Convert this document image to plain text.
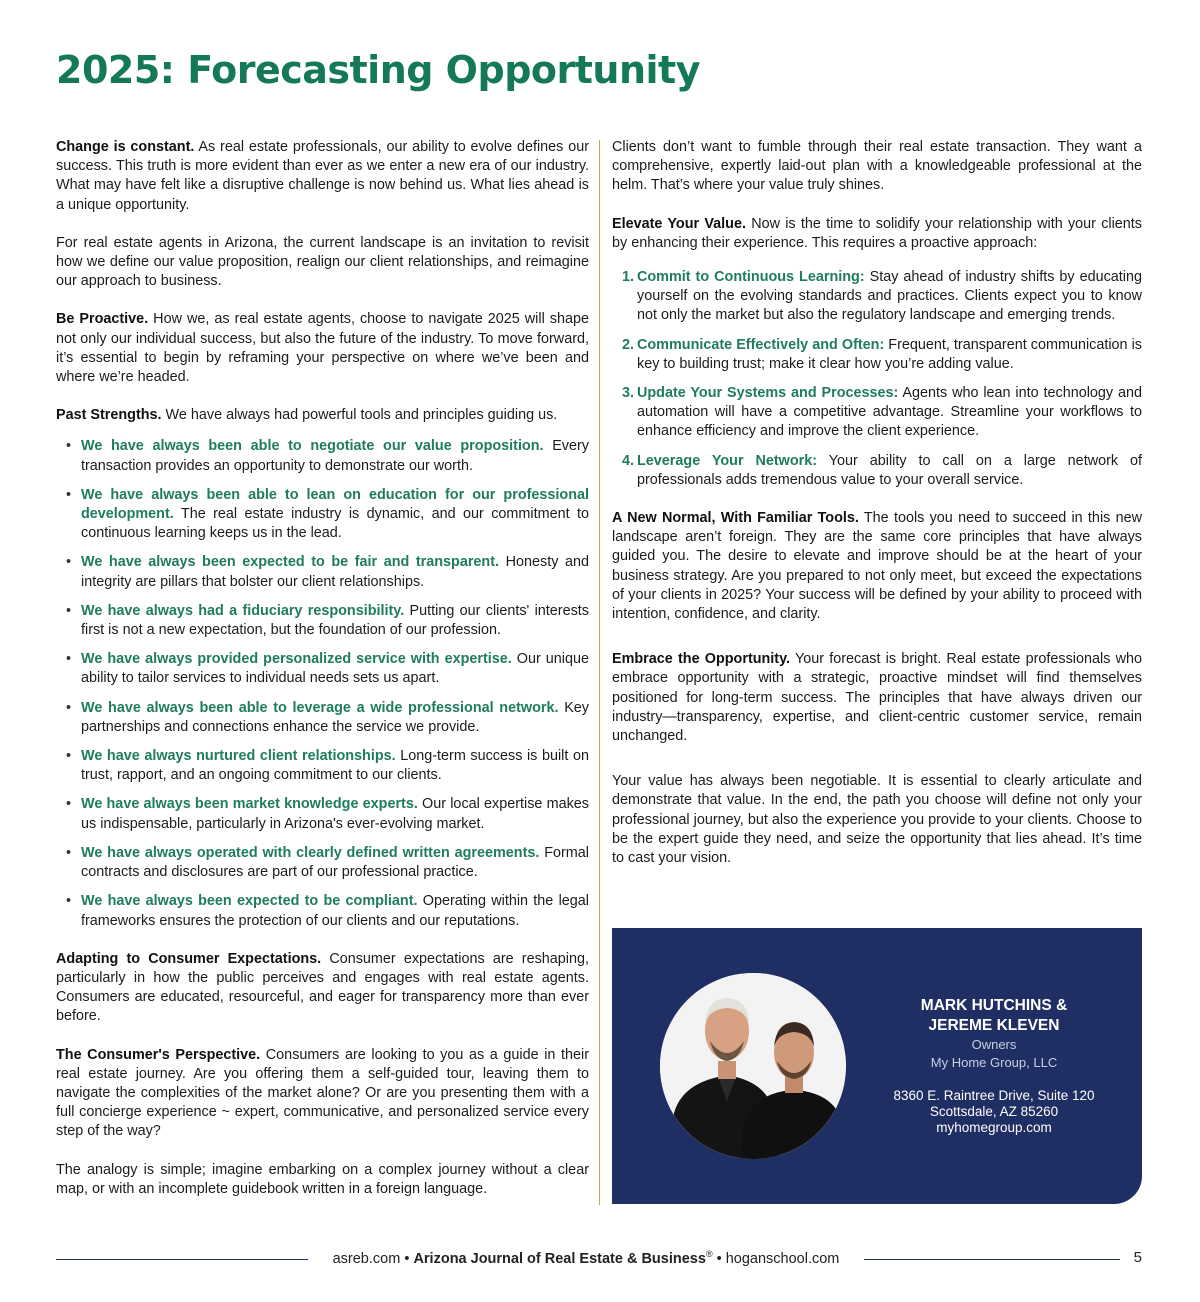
2025: Forecasting Opportunity

Change is constant. As real estate professionals, our ability to evolve defines our success. This truth is more evident than ever as we enter a new era of our industry. What may have felt like a disruptive challenge is now behind us. What lies ahead is a unique opportunity.

For real estate agents in Arizona, the current landscape is an invitation to revisit how we define our value proposition, realign our client relationships, and reimagine our approach to business.

Be Proactive. How we, as real estate agents, choose to navigate 2025 will shape not only our individual success, but also the future of the industry. To move forward, it’s essential to begin by reframing your perspective on where we’ve been and where we’re headed.

Past Strengths. We have always had powerful tools and principles guiding us.

• We have always been able to negotiate our value proposition. Every transaction provides an opportunity to demonstrate our worth.
• We have always been able to lean on education for our professional development. The real estate industry is dynamic, and our commitment to continuous learning keeps us in the lead.
• We have always been expected to be fair and transparent. Honesty and integrity are pillars that bolster our client relationships.
• We have always had a fiduciary responsibility. Putting our clients' interests first is not a new expectation, but the foundation of our profession.
• We have always provided personalized service with expertise. Our unique ability to tailor services to individual needs sets us apart.
• We have always been able to leverage a wide professional network. Key partnerships and connections enhance the service we provide.
• We have always nurtured client relationships. Long-term success is built on trust, rapport, and an ongoing commitment to our clients.
• We have always been market knowledge experts. Our local expertise makes us indispensable, particularly in Arizona's ever-evolving market.
• We have always operated with clearly defined written agreements. Formal contracts and disclosures are part of our professional practice.
• We have always been expected to be compliant. Operating within the legal frameworks ensures the protection of our clients and our reputations.

Adapting to Consumer Expectations. Consumer expectations are reshaping, particularly in how the public perceives and engages with real estate agents. Consumers are educated, resourceful, and eager for transparency more than ever before.

The Consumer's Perspective. Consumers are looking to you as a guide in their real estate journey. Are you offering them a self-guided tour, leaving them to navigate the complexities of the market alone? Or are you presenting them with a full concierge experience ~ expert, communicative, and personalized service every step of the way?

The analogy is simple; imagine embarking on a complex journey without a clear map, or with an incomplete guidebook written in a foreign language.

Clients don’t want to fumble through their real estate transaction. They want a comprehensive, expertly laid-out plan with a knowledgeable professional at the helm. That’s where your value truly shines.

Elevate Your Value. Now is the time to solidify your relationship with your clients by enhancing their experience. This requires a proactive approach:

1. Commit to Continuous Learning: Stay ahead of industry shifts by educating yourself on the evolving standards and practices. Clients expect you to know not only the market but also the regulatory landscape and emerging trends.
2. Communicate Effectively and Often: Frequent, transparent communication is key to building trust; make it clear how you’re adding value.
3. Update Your Systems and Processes: Agents who lean into technology and automation will have a competitive advantage. Streamline your workflows to enhance efficiency and improve the client experience.
4. Leverage Your Network: Your ability to call on a large network of professionals adds tremendous value to your overall service.

A New Normal, With Familiar Tools. The tools you need to succeed in this new landscape aren’t foreign. They are the same core principles that have always guided you. The desire to elevate and improve should be at the heart of your business strategy. Are you prepared to not only meet, but exceed the expectations of your clients in 2025? Your success will be defined by your ability to proceed with intention, confidence, and clarity.

Embrace the Opportunity. Your forecast is bright. Real estate professionals who embrace opportunity with a strategic, proactive mindset will find themselves positioned for long-term success. The principles that have always driven our industry—transparency, expertise, and client-centric customer service, remain unchanged.

Your value has always been negotiable. It is essential to clearly articulate and demonstrate that value. In the end, the path you choose will define not only your professional journey, but also the experience you provide to your clients. Choose to be the expert guide they need, and seize the opportunity that lies ahead. It’s time to cast your vision.

MARK HUTCHINS &
JEREME KLEVEN
Owners
My Home Group, LLC
8360 E. Raintree Drive, Suite 120
Scottsdale, AZ 85260
myhomegroup.com
asreb.com • Arizona Journal of Real Estate & Business® • hoganschool.com	5
